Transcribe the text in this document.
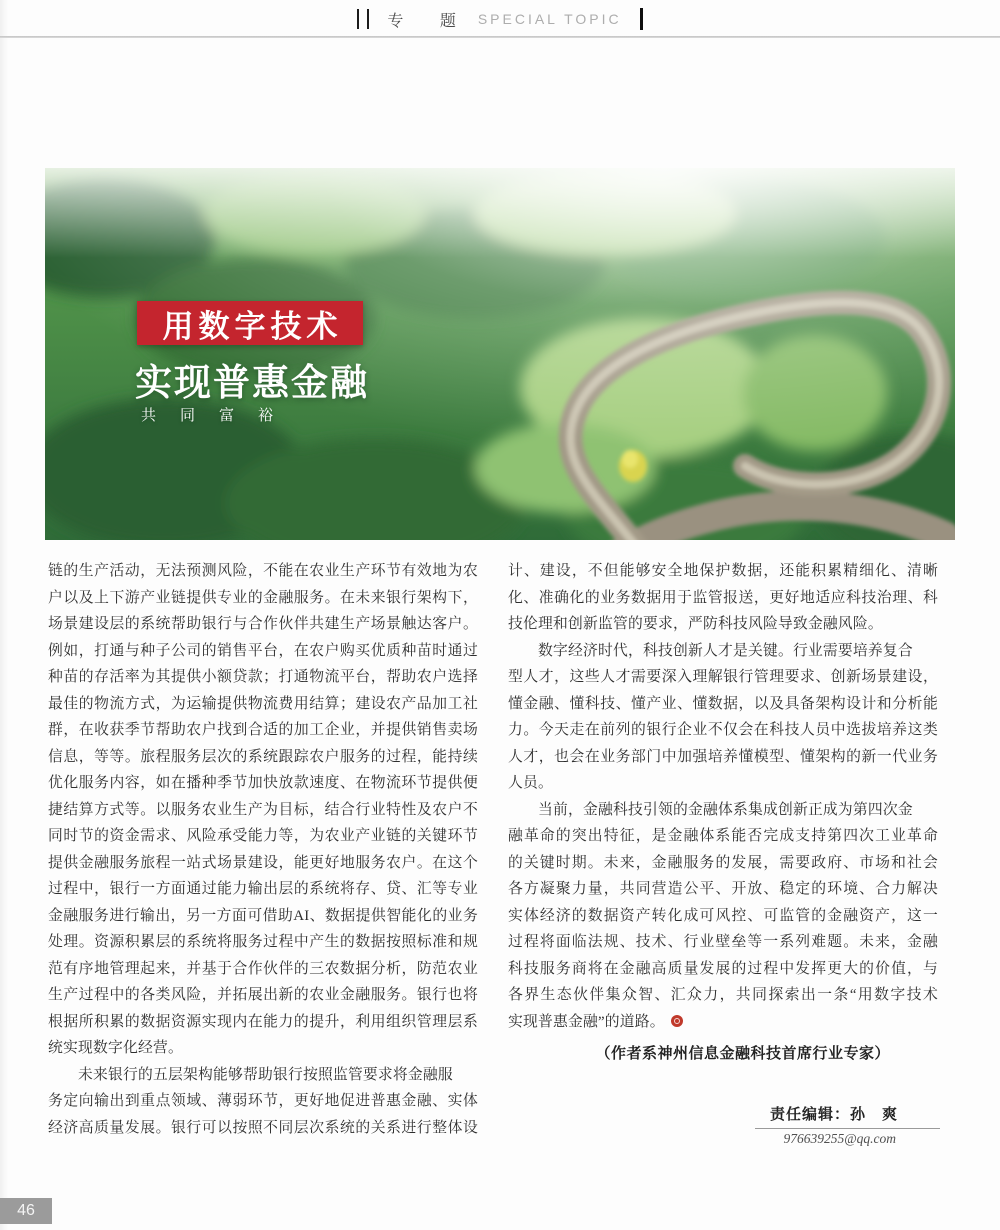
专 题 SPECIAL TOPIC
用数字技术
实现普惠金融
共同富裕
链的生产活动，无法预测风险，不能在农业生产环节有效地为农
户以及上下游产业链提供专业的金融服务。在未来银行架构下，
场景建设层的系统帮助银行与合作伙伴共建生产场景触达客户。
例如，打通与种子公司的销售平台，在农户购买优质种苗时通过
种苗的存活率为其提供小额贷款；打通物流平台，帮助农户选择
最佳的物流方式，为运输提供物流费用结算；建设农产品加工社
群，在收获季节帮助农户找到合适的加工企业，并提供销售卖场
信息，等等。旅程服务层次的系统跟踪农户服务的过程，能持续
优化服务内容，如在播种季节加快放款速度、在物流环节提供便
捷结算方式等。以服务农业生产为目标，结合行业特性及农户不
同时节的资金需求、风险承受能力等，为农业产业链的关键环节
提供金融服务旅程一站式场景建设，能更好地服务农户。在这个
过程中，银行一方面通过能力输出层的系统将存、贷、汇等专业
金融服务进行输出，另一方面可借助AI、数据提供智能化的业务
处理。资源积累层的系统将服务过程中产生的数据按照标准和规
范有序地管理起来，并基于合作伙伴的三农数据分析，防范农业
生产过程中的各类风险，并拓展出新的农业金融服务。银行也将
根据所积累的数据资源实现内在能力的提升，利用组织管理层系
统实现数字化经营。
　　未来银行的五层架构能够帮助银行按照监管要求将金融服
务定向输出到重点领域、薄弱环节，更好地促进普惠金融、实体
经济高质量发展。银行可以按照不同层次系统的关系进行整体设
计、建设，不但能够安全地保护数据，还能积累精细化、清晰
化、准确化的业务数据用于监管报送，更好地适应科技治理、科
技伦理和创新监管的要求，严防科技风险导致金融风险。
　　数字经济时代，科技创新人才是关键。行业需要培养复合
型人才，这些人才需要深入理解银行管理要求、创新场景建设，
懂金融、懂科技、懂产业、懂数据，以及具备架构设计和分析能
力。今天走在前列的银行企业不仅会在科技人员中选拔培养这类
人才，也会在业务部门中加强培养懂模型、懂架构的新一代业务
人员。
　　当前，金融科技引领的金融体系集成创新正成为第四次金
融革命的突出特征，是金融体系能否完成支持第四次工业革命
的关键时期。未来，金融服务的发展，需要政府、市场和社会
各方凝聚力量，共同营造公平、开放、稳定的环境、合力解决
实体经济的数据资产转化成可风控、可监管的金融资产，这一
过程将面临法规、技术、行业壁垒等一系列难题。未来，金融
科技服务商将在金融高质量发展的过程中发挥更大的价值，与
各界生态伙伴集众智、汇众力，共同探索出一条“用数字技术
实现普惠金融”的道路。
（作者系神州信息金融科技首席行业专家）
责任编辑：孙　爽
976639255@qq.com
46
